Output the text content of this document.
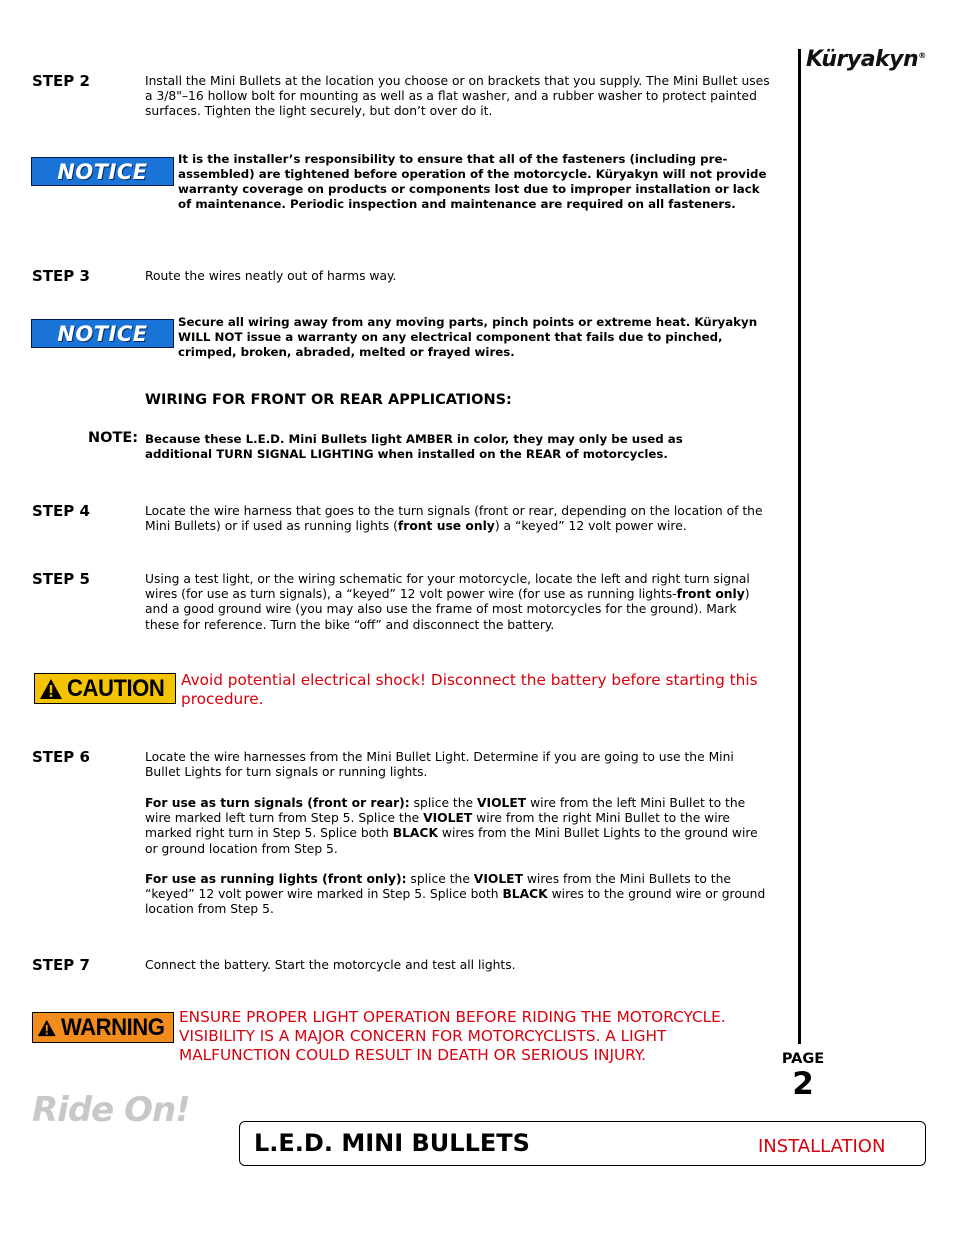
Küryakyn®
STEP 2	Install the Mini Bullets at the location you choose or on brackets that you supply. The Mini Bullet uses a 3/8"–16 hollow bolt for mounting as well as a flat washer, and a rubber washer to protect painted surfaces. Tighten the light securely, but don’t over do it.
NOTICE
It is the installer’s responsibility to ensure that all of the fasteners (including pre-assembled) are tightened before operation of the motorcycle. Küryakyn will not provide warranty coverage on products or components lost due to improper installation or lack of maintenance. Periodic inspection and maintenance are required on all fasteners.
STEP 3	Route the wires neatly out of harms way.
NOTICE	Secure all wiring away from any moving parts, pinch points or extreme heat. Küryakyn WILL NOT issue a warranty on any electrical component that fails due to pinched, crimped, broken, abraded, melted or frayed wires.
WIRING FOR FRONT OR REAR APPLICATIONS:
NOTE: Because these L.E.D. Mini Bullets light AMBER in color, they may only be used as additional TURN SIGNAL LIGHTING when installed on the REAR of motorcycles.
STEP 4	Locate the wire harness that goes to the turn signals (front or rear, depending on the location of the Mini Bullets) or if used as running lights (front use only) a “keyed” 12 volt power wire.
STEP 5	Using a test light, or the wiring schematic for your motorcycle, locate the left and right turn signal wires (for use as turn signals), a “keyed” 12 volt power wire (for use as running lights-front only) and a good ground wire (you may also use the frame of most motorcycles for the ground). Mark these for reference. Turn the bike “off” and disconnect the battery.
CAUTION Avoid potential electrical shock! Disconnect the battery before starting this procedure.
STEP 6	Locate the wire harnesses from the Mini Bullet Light. Determine if you are going to use the Mini Bullet Lights for turn signals or running lights.
For use as turn signals (front or rear): splice the VIOLET wire from the left Mini Bullet to the wire marked left turn from Step 5. Splice the VIOLET wire from the right Mini Bullet to the wire marked right turn in Step 5. Splice both BLACK wires from the Mini Bullet Lights to the ground wire or ground location from Step 5.
For use as running lights (front only): splice the VIOLET wires from the Mini Bullets to the “keyed” 12 volt power wire marked in Step 5. Splice both BLACK wires to the ground wire or ground location from Step 5.
STEP 7	Connect the battery. Start the motorcycle and test all lights.
WARNING ENSURE PROPER LIGHT OPERATION BEFORE RIDING THE MOTORCYCLE. VISIBILITY IS A MAJOR CONCERN FOR MOTORCYCLISTS. A LIGHT MALFUNCTION COULD RESULT IN DEATH OR SERIOUS INJURY.	PAGE
2
Ride On!
L.E.D. MINI BULLETS	INSTALLATION
